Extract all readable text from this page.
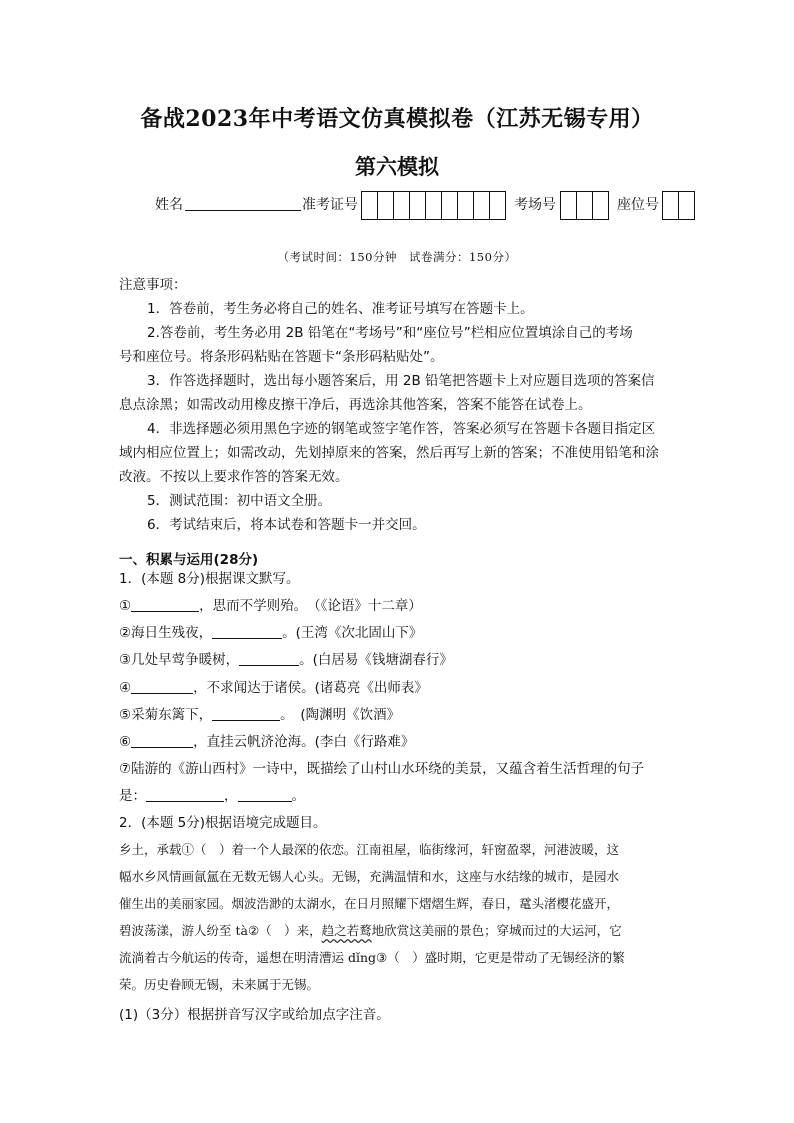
备战2023年中考语文仿真模拟卷（江苏无锡专用）
第六模拟
姓名	准考证号	考场号	座位号
（考试时间：150分钟　试卷满分：150分）
注意事项：
1．答卷前，考生务必将自己的姓名、准考证号填写在答题卡上。
2.答卷前，考生务必用 2B 铅笔在“考场号”和“座位号”栏相应位置填涂自己的考场
号和座位号。将条形码粘贴在答题卡“条形码粘贴处”。
3．作答选择题时，选出每小题答案后，用 2B 铅笔把答题卡上对应题目选项的答案信
息点涂黑；如需改动用橡皮擦干净后，再选涂其他答案，答案不能答在试卷上。
4．非选择题必须用黑色字迹的钢笔或签字笔作答，答案必须写在答题卡各题目指定区
域内相应位置上；如需改动，先划掉原来的答案，然后再写上新的答案；不准使用铅笔和涂
改液。不按以上要求作答的答案无效。
5．测试范围：初中语文全册。
6．考试结束后，将本试卷和答题卡一并交回。
一、积累与运用(28分)
1．(本题 8分)根据课文默写。
①	，思而不学则殆。　（《论语》十二章）
②海日生残夜，	。(王湾《次北固山下》
③几处早莺争暖树，	。(白居易《钱塘湖春行》
④	，不求闻达于诸侯。(诸葛亮《出师表》
⑤采菊东篱下，	。　(陶渊明《饮酒》
⑥	，直挂云帆济沧海。(李白《行路难》
⑦陆游的《游山西村》一诗中，既描绘了山村山水环绕的美景，又蕴含着生活哲理的句子
是：	，	。
2．(本题 5分)根据语境完成题目。
乡土，承载①（　）着一个人最深的依恋。江南祖屋，临街缘河，轩窗盈翠，河港波暖，这
幅水乡风情画氤氲在无数无锡人心头。无锡，充满温情和水，这座与水结缘的城市，是园水
催生出的美丽家园。烟波浩渺的太湖水，在日月照耀下熠熠生辉，春日，鼋头渚樱花盛开，
碧波荡漾，游人纷至 tà②（　）来，趋之若鹜地欣赏这美丽的景色；穿城而过的大运河，它
流淌着古今航运的传奇，遥想在明清漕运 dǐng③（　）盛时期，它更是带动了无锡经济的繁
荣。历史眷顾无锡，未来属于无锡。
(1)（3分）根据拼音写汉字或给加点字注音。
